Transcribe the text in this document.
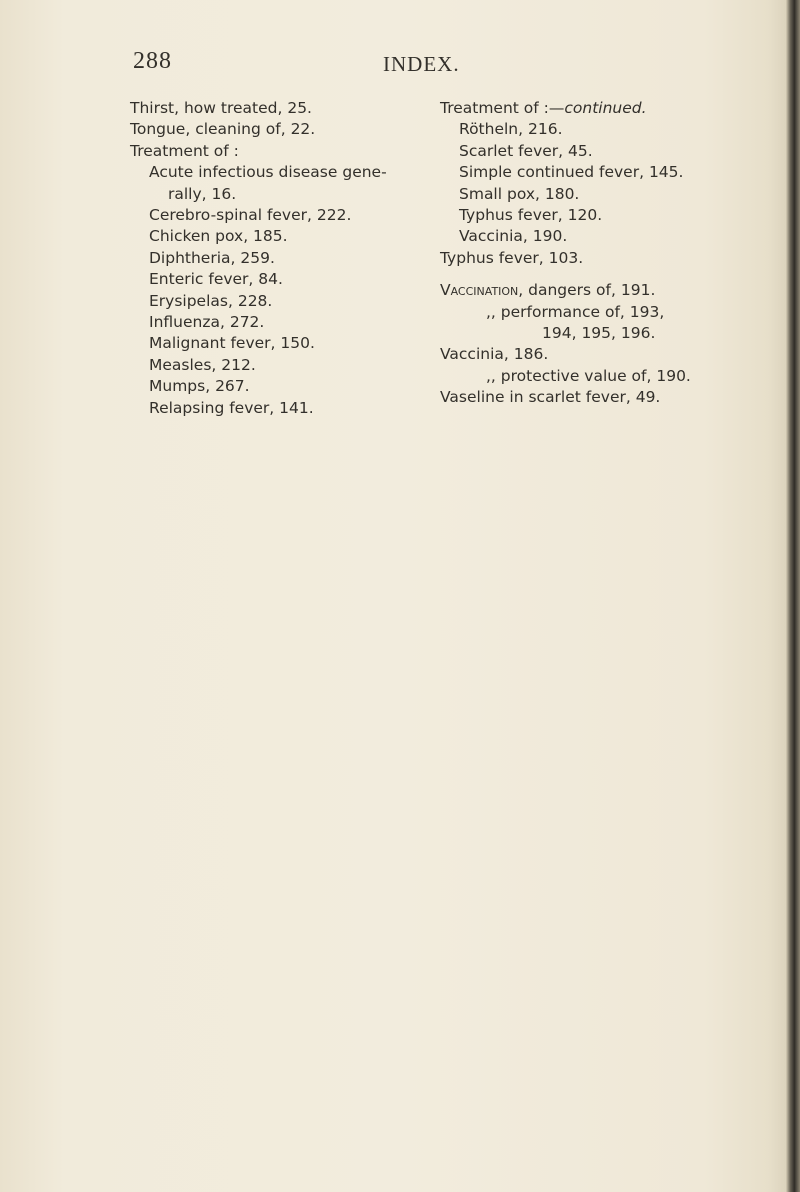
288	INDEX.
Thirst, how treated, 25.
Tongue, cleaning of, 22.
Treatment of :
Acute infectious disease gene-
rally, 16.
Cerebro-spinal fever, 222.
Chicken pox, 185.
Diphtheria, 259.
Enteric fever, 84.
Erysipelas, 228.
Influenza, 272.
Malignant fever, 150.
Measles, 212.
Mumps, 267.
Relapsing fever, 141.
Treatment of :—continued.
Rötheln, 216.
Scarlet fever, 45.
Simple continued fever, 145.
Small pox, 180.
Typhus fever, 120.
Vaccinia, 190.
Typhus fever, 103.
Vaccination, dangers of, 191.
,, performance of, 193,
194, 195, 196.
Vaccinia, 186.
,, protective value of, 190.
Vaseline in scarlet fever, 49.
